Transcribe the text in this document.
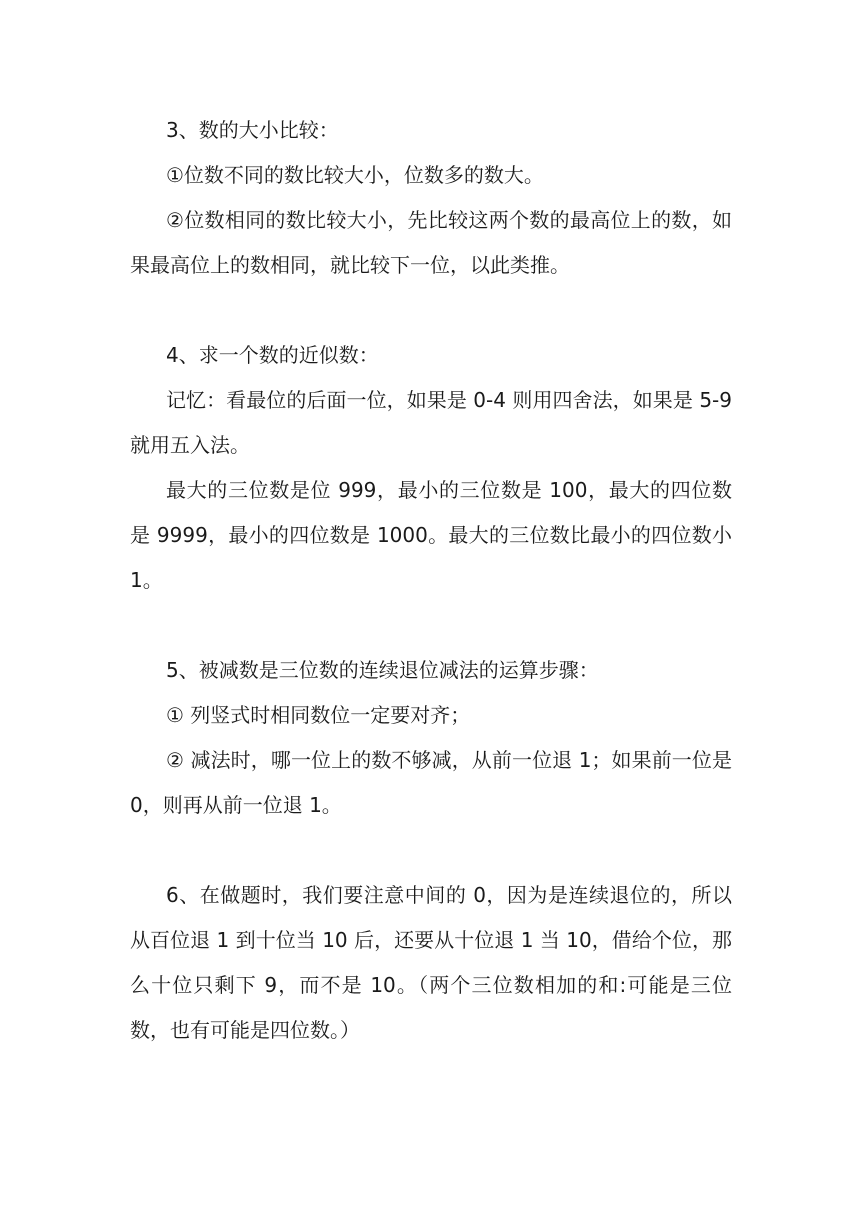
3、数的大小比较：

①位数不同的数比较大小，位数多的数大。

②位数相同的数比较大小，先比较这两个数的最高位上的数，如果最高位上的数相同，就比较下一位，以此类推。

4、求一个数的近似数：

记忆：看最位的后面一位，如果是 0-4 则用四舍法，如果是 5-9 就用五入法。

最大的三位数是位 999，最小的三位数是 100，最大的四位数是 9999，最小的四位数是 1000。最大的三位数比最小的四位数小 1。

5、被减数是三位数的连续退位减法的运算步骤：

① 列竖式时相同数位一定要对齐；

② 减法时，哪一位上的数不够减，从前一位退 1；如果前一位是 0，则再从前一位退 1。

6、在做题时，我们要注意中间的 0，因为是连续退位的，所以从百位退 1 到十位当 10 后，还要从十位退 1 当 10，借给个位，那么十位只剩下 9，而不是 10。（两个三位数相加的和:可能是三位数，也有可能是四位数。）
